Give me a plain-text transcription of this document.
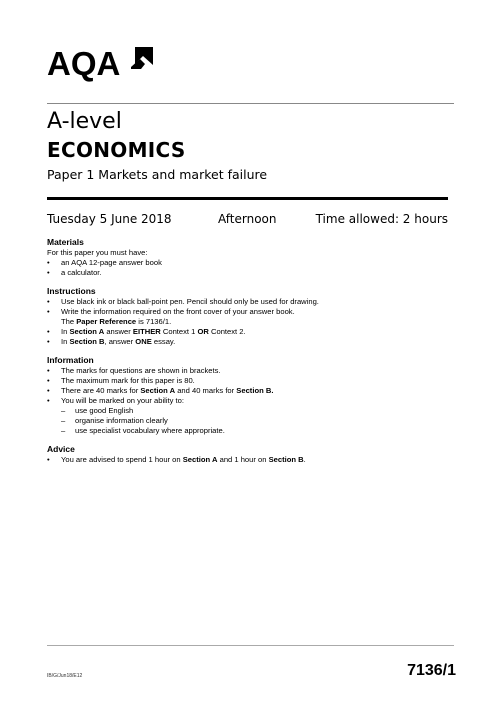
AQA
A-level
ECONOMICS
Paper 1 Markets and market failure
Tuesday 5 June 2018	Afternoon	Time allowed: 2 hours
Materials
For this paper you must have:
•	an AQA 12-page answer book
•	a calculator.
Instructions
•	Use black ink or black ball-point pen. Pencil should only be used for drawing.
•	Write the information required on the front cover of your answer book.
The Paper Reference is 7136/1.
•	In Section A answer EITHER Context 1 OR Context 2.
•	In Section B, answer ONE essay.
Information
•	The marks for questions are shown in brackets.
•	The maximum mark for this paper is 80.
•	There are 40 marks for Section A and 40 marks for Section B.
•	You will be marked on your ability to:
–	use good English
–	organise information clearly
–	use specialist vocabulary where appropriate.
Advice
•	You are advised to spend 1 hour on Section A and 1 hour on Section B.
IB/G/Jun18/E12	7136/1
